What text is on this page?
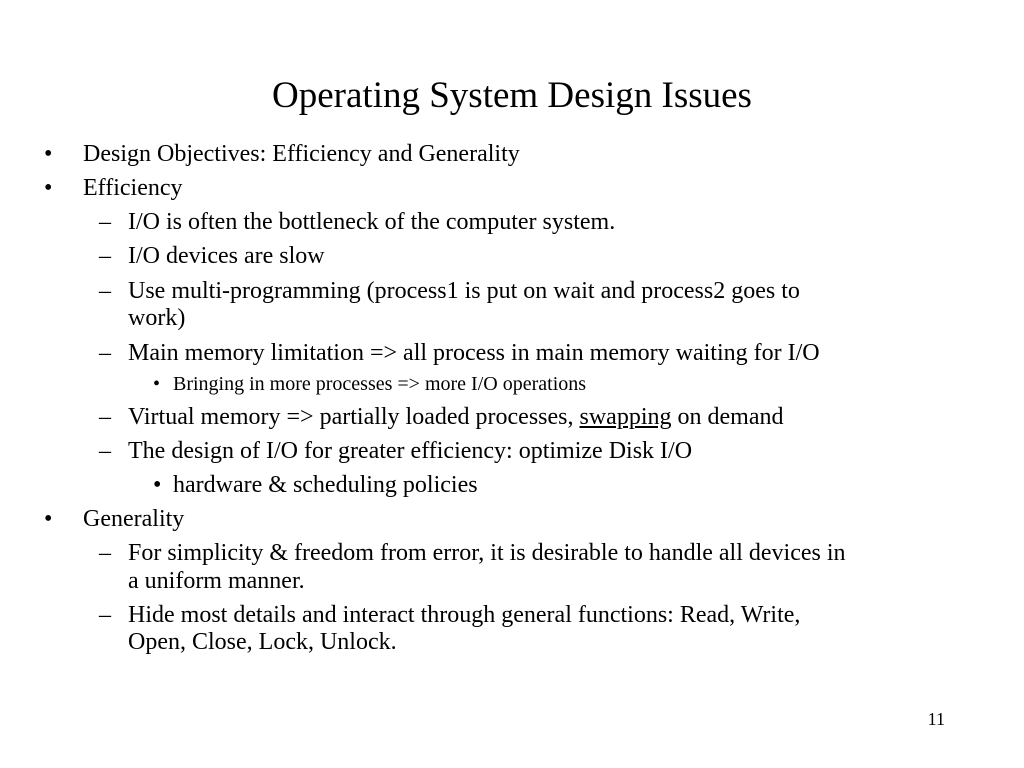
Operating System Design Issues
• Design Objectives: Efficiency and Generality
• Efficiency
– I/O is often the bottleneck of the computer system.
– I/O devices are slow
– Use multi-programming (process1 is put on wait and process2 goes to
work)
– Main memory limitation => all process in main memory waiting for I/O
• Bringing in more processes => more I/O operations
– Virtual memory => partially loaded processes, swapping on demand
– The design of I/O for greater efficiency: optimize Disk I/O
• hardware & scheduling policies
• Generality
– For simplicity & freedom from error, it is desirable to handle all devices in
a uniform manner.
– Hide most details and interact through general functions: Read, Write,
Open, Close, Lock, Unlock.
11
